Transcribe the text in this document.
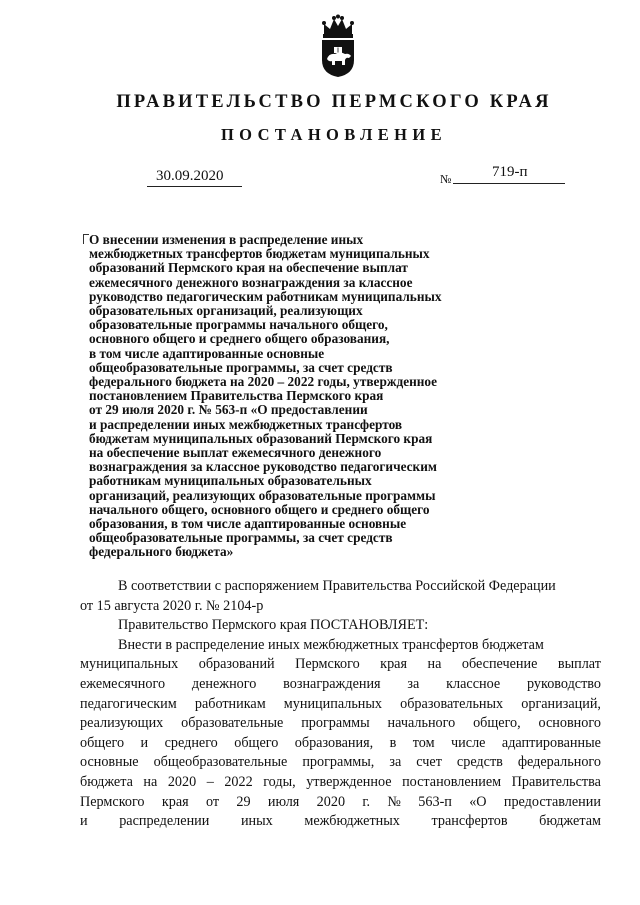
ПРАВИТЕЛЬСТВО ПЕРМСКОГО КРАЯ
ПОСТАНОВЛЕНИЕ
30.09.2020	№	719-п
О внесении изменения в распределение иных
межбюджетных трансфертов бюджетам муниципальных
образований Пермского края на обеспечение выплат
ежемесячного денежного вознаграждения за классное
руководство педагогическим работникам муниципальных
образовательных организаций, реализующих
образовательные программы начального общего,
основного общего и среднего общего образования,
в том числе адаптированные основные
общеобразовательные программы, за счет средств
федерального бюджета на 2020 – 2022 годы, утвержденное
постановлением Правительства Пермского края
от 29 июля 2020 г. № 563-п «О предоставлении
и распределении иных межбюджетных трансфертов
бюджетам муниципальных образований Пермского края
на обеспечение выплат ежемесячного денежного
вознаграждения за классное руководство педагогическим
работникам муниципальных образовательных
организаций, реализующих образовательные программы
начального общего, основного общего и среднего общего
образования, в том числе адаптированные основные
общеобразовательные программы, за счет средств
федерального бюджета»
В соответствии с распоряжением Правительства Российской Федерации
от 15 августа 2020 г. № 2104-р
Правительство Пермского края ПОСТАНОВЛЯЕТ:
Внести в распределение иных межбюджетных трансфертов бюджетам
муниципальных образований Пермского края на обеспечение выплат
ежемесячного денежного вознаграждения за классное руководство
педагогическим работникам муниципальных образовательных организаций,
реализующих образовательные программы начального общего, основного
общего и среднего общего образования, в том числе адаптированные
основные общеобразовательные программы, за счет средств федерального
бюджета на 2020 – 2022 годы, утвержденное постановлением Правительства
Пермского края от 29 июля 2020 г. № 563-п «О предоставлении
и распределении иных межбюджетных трансфертов бюджетам
